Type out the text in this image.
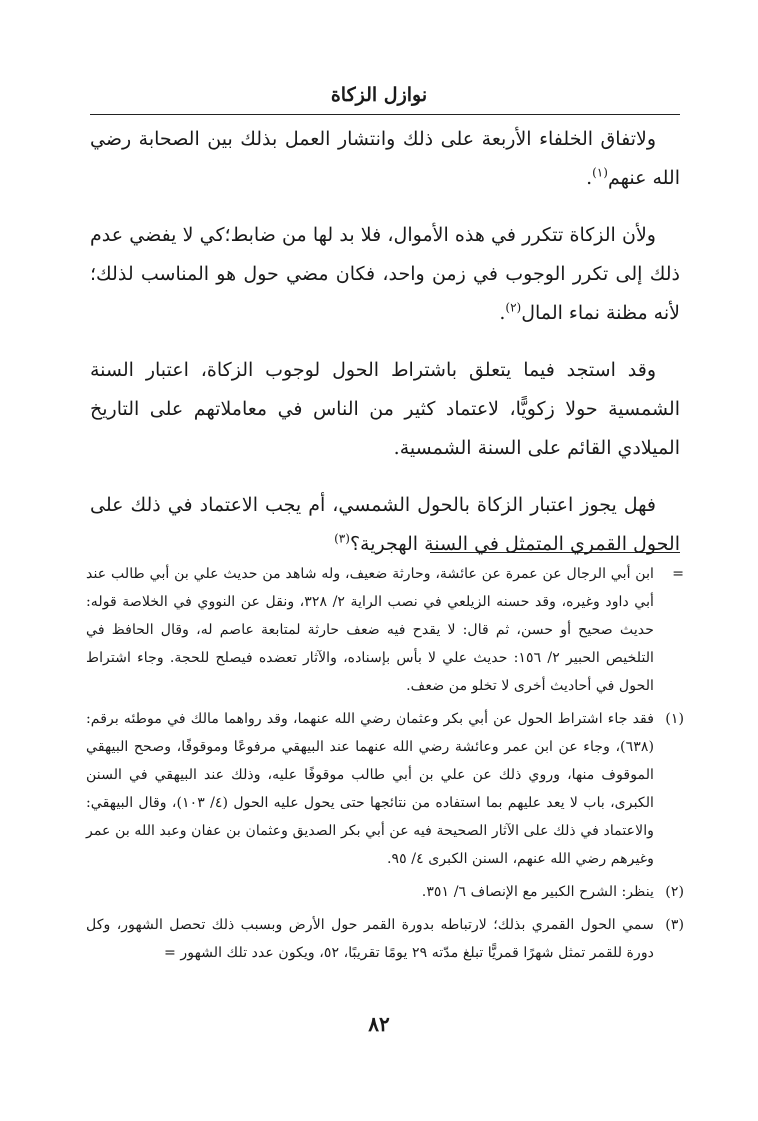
نوازل الزكاة

ولاتفاق الخلفاء الأربعة على ذلك وانتشار العمل بذلك بين الصحابة رضي الله عنهم$^{(١)}$.

ولأن الزكاة تتكرر في هذه الأموال، فلا بد لها من ضابط؛كي لا يفضي عدم ذلك إلى تكرر الوجوب في زمن واحد، فكان مضي حول هو المناسب لذلك؛ لأنه مظنة نماء المال$^{(٢)}$.

وقد استجد فيما يتعلق باشتراط الحول لوجوب الزكاة، اعتبار السنة الشمسية حولا زكويًّا، لاعتماد كثير من الناس في معاملاتهم على التاريخ الميلادي القائم على السنة الشمسية.

فهل يجوز اعتبار الزكاة بالحول الشمسي، أم يجب الاعتماد في ذلك على الحول القمري المتمثل في السنة الهجرية؟$^{(٣)}$

=
ابن أبي الرجال عن عمرة عن عائشة، وحارثة ضعيف، وله شاهد من حديث علي بن أبي طالب عند أبي داود وغيره، وقد حسنه الزيلعي في نصب الراية ٢/ ٣٢٨، ونقل عن النووي في الخلاصة قوله: حديث صحيح أو حسن، ثم قال: لا يقدح فيه ضعف حارثة لمتابعة عاصم له، وقال الحافظ في التلخيص الحبير ٢/ ١٥٦: حديث علي لا بأس بإسناده، والآثار تعضده فيصلح للحجة. وجاء اشتراط الحول في أحاديث أخرى لا تخلو من ضعف.
(١)
فقد جاء اشتراط الحول عن أبي بكر وعثمان رضي الله عنهما، وقد رواهما مالك في موطئه برقم: (٦٣٨)، وجاء عن ابن عمر وعائشة رضي الله عنهما عند البيهقي مرفوعًا وموقوفًا، وصحح البيهقي الموقوف منها، وروي ذلك عن علي بن أبي طالب موقوفًا عليه، وذلك عند البيهقي في السنن الكبرى، باب لا يعد عليهم بما استفاده من نتائجها حتى يحول عليه الحول (٤/ ١٠٣)، وقال البيهقي: والاعتماد في ذلك على الآثار الصحيحة فيه عن أبي بكر الصديق وعثمان بن عفان وعبد الله بن عمر وغيرهم رضي الله عنهم، السنن الكبرى ٤/ ٩٥.
(٢)
ينظر: الشرح الكبير مع الإنصاف ٦/ ٣٥١.
(٣)
سمي الحول القمري بذلك؛ لارتباطه بدورة القمر حول الأرض وبسبب ذلك تحصل الشهور، وكل دورة للقمر تمثل شهرًا قمريًّا تبلغ مدّته ٢٩ يومًا تقريبًا، ٥٢، ويكون عدد تلك الشهور =
٨٢
